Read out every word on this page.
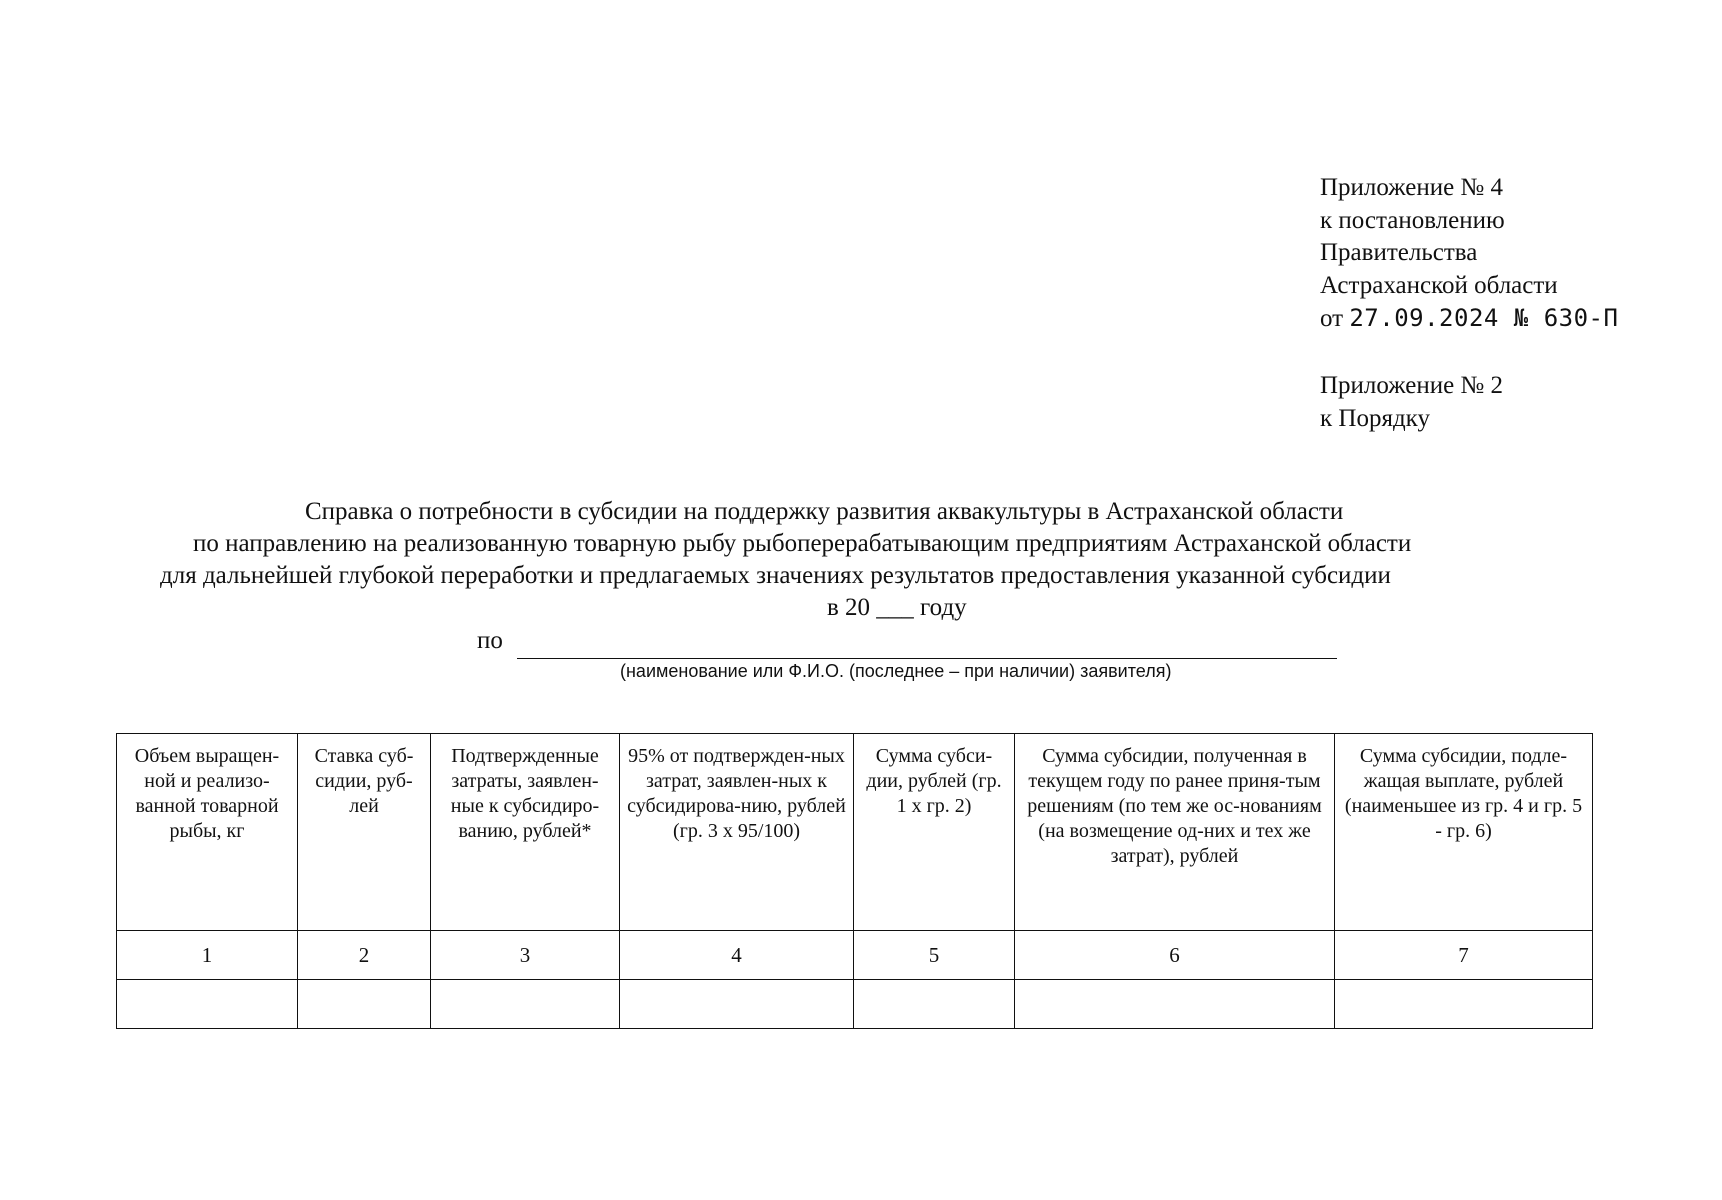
Приложение № 4
к постановлению
Правительства
Астраханской области
от 27.09.2024 № 630-П
Приложение № 2
к Порядку
Справка о потребности в субсидии на поддержку развития аквакультуры в Астраханской области
по направлению на реализованную товарную рыбу рыбоперерабатывающим предприятиям Астраханской области
для дальнейшей глубокой переработки и предлагаемых значениях результатов предоставления указанной субсидии
в 20 ___ году
по
(наименование или Ф.И.О. (последнее – при наличии) заявителя)
Объем выращен-ной и реализо-ванной товарной рыбы, кг	Ставка суб-сидии, руб-лей	Подтвержденные затраты, заявлен-ные к субсидиро-ванию, рублей*	95% от подтвержден-ных затрат, заявлен-ных к субсидирова-нию, рублей (гр. 3 х 95/100)	Сумма субси-дии, рублей (гр. 1 х гр. 2)	Сумма субсидии, полученная в текущем году по ранее приня-тым решениям (по тем же ос-нованиям (на возмещение од-них и тех же затрат), рублей	Сумма субсидии, подле-жащая выплате, рублей (наименьшее из гр. 4 и гр. 5 - гр. 6)
1	2	3	4	5	6	7
